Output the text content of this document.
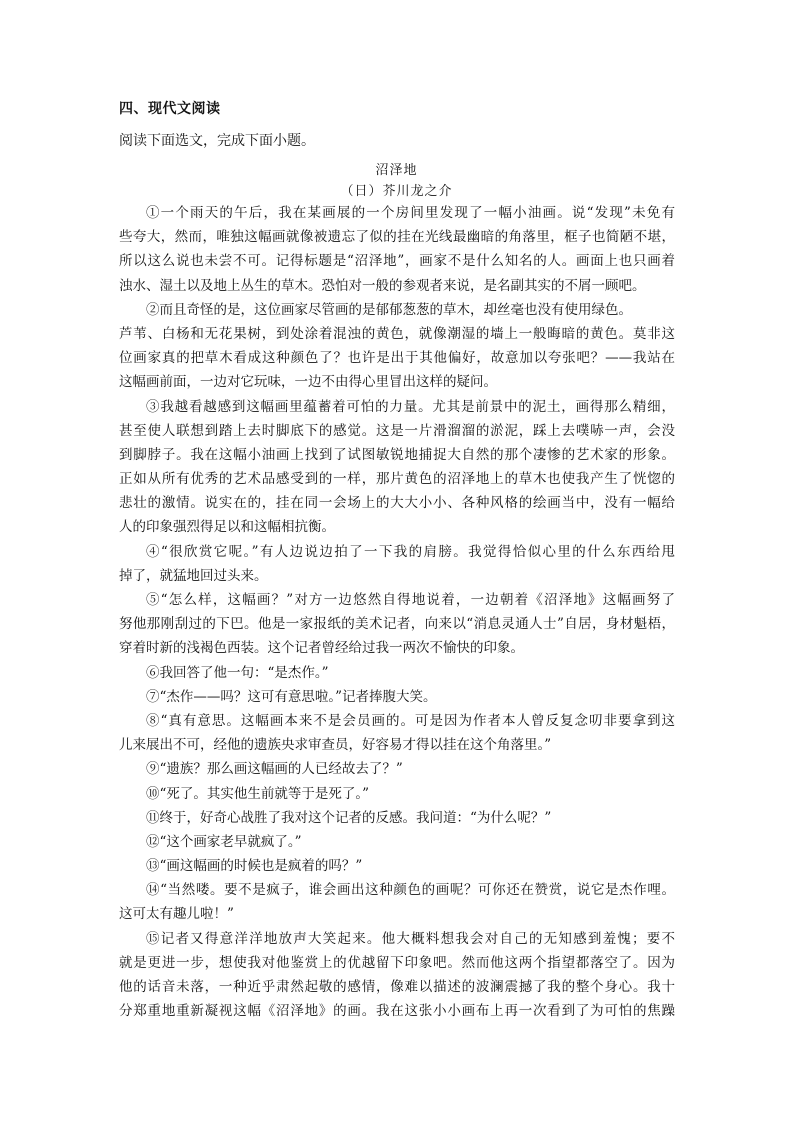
四、现代文阅读
阅读下面选文，完成下面小题。
沼泽地
（日）芥川龙之介
①一个雨天的午后，我在某画展的一个房间里发现了一幅小油画。说“发现”未免有
些夸大，然而，唯独这幅画就像被遗忘了似的挂在光线最幽暗的角落里，框子也简陋不堪，
所以这么说也未尝不可。记得标题是“沼泽地”，画家不是什么知名的人。画面上也只画着
浊水、湿土以及地上丛生的草木。恐怕对一般的参观者来说，是名副其实的不屑一顾吧。
②而且奇怪的是，这位画家尽管画的是郁郁葱葱的草木，却丝毫也没有使用绿色。
芦苇、白杨和无花果树，到处涂着混浊的黄色，就像潮湿的墙上一般晦暗的黄色。莫非这
位画家真的把草木看成这种颜色了？也许是出于其他偏好，故意加以夸张吧？——我站在
这幅画前面，一边对它玩味，一边不由得心里冒出这样的疑问。
③我越看越感到这幅画里蕴蓄着可怕的力量。尤其是前景中的泥土，画得那么精细，
甚至使人联想到踏上去时脚底下的感觉。这是一片滑溜溜的淤泥，踩上去噗哧一声，会没
到脚脖子。我在这幅小油画上找到了试图敏锐地捕捉大自然的那个凄惨的艺术家的形象。
正如从所有优秀的艺术品感受到的一样，那片黄色的沼泽地上的草木也使我产生了恍惚的
悲壮的激情。说实在的，挂在同一会场上的大大小小、各种风格的绘画当中，没有一幅给
人的印象强烈得足以和这幅相抗衡。
④“很欣赏它呢。”有人边说边拍了一下我的肩膀。我觉得恰似心里的什么东西给甩
掉了，就猛地回过头来。
⑤“怎么样，这幅画？”对方一边悠然自得地说着，一边朝着《沼泽地》这幅画努了
努他那刚刮过的下巴。他是一家报纸的美术记者，向来以“消息灵通人士”自居，身材魁梧，
穿着时新的浅褐色西装。这个记者曾经给过我一两次不愉快的印象。
⑥我回答了他一句：“是杰作。”
⑦“杰作——吗？这可有意思啦。”记者捧腹大笑。
⑧“真有意思。这幅画本来不是会员画的。可是因为作者本人曾反复念叨非要拿到这
儿来展出不可，经他的遗族央求审查员，好容易才得以挂在这个角落里。”
⑨“遗族？那么画这幅画的人已经故去了？”
⑩“死了。其实他生前就等于是死了。”
⑪终于，好奇心战胜了我对这个记者的反感。我问道：“为什么呢？”
⑫“这个画家老早就疯了。”
⑬“画这幅画的时候也是疯着的吗？”
⑭“当然喽。要不是疯子，谁会画出这种颜色的画呢？可你还在赞赏，说它是杰作哩。
这可太有趣儿啦！”
⑮记者又得意洋洋地放声大笑起来。他大概料想我会对自己的无知感到羞愧；要不
就是更进一步，想使我对他鉴赏上的优越留下印象吧。然而他这两个指望都落空了。因为
他的话音未落，一种近乎肃然起敬的感情，像难以描述的波澜震撼了我的整个身心。我十
分郑重地重新凝视这幅《沼泽地》的画。我在这张小小画布上再一次看到了为可怕的焦躁
